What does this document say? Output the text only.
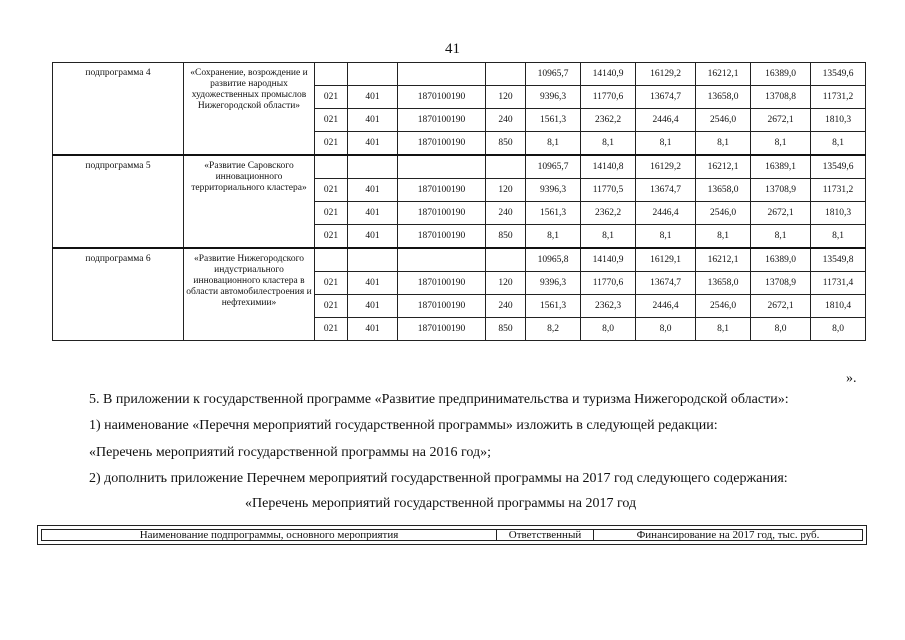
41
подпрограмма 4	«Сохранение, возрождение и развитие народных художественных промыслов Нижегородской области»					10965,7	14140,9	16129,2	16212,1	16389,0	13549,6
		021	401	1870100190	120	9396,3	11770,6	13674,7	13658,0	13708,8	11731,2
		021	401	1870100190	240	1561,3	2362,2	2446,4	2546,0	2672,1	1810,3
		021	401	1870100190	850	8,1	8,1	8,1	8,1	8,1	8,1
подпрограмма 5	«Развитие Саровского инновационного территориального кластера»					10965,7	14140,8	16129,2	16212,1	16389,1	13549,6
		021	401	1870100190	120	9396,3	11770,5	13674,7	13658,0	13708,9	11731,2
		021	401	1870100190	240	1561,3	2362,2	2446,4	2546,0	2672,1	1810,3
		021	401	1870100190	850	8,1	8,1	8,1	8,1	8,1	8,1
подпрограмма 6	«Развитие Нижегородского индустриального инновационного кластера в области автомобилестроения и нефтехимии»					10965,8	14140,9	16129,1	16212,1	16389,0	13549,8
		021	401	1870100190	120	9396,3	11770,6	13674,7	13658,0	13708,9	11731,4
		021	401	1870100190	240	1561,3	2362,3	2446,4	2546,0	2672,1	1810,4
		021	401	1870100190	850	8,2	8,0	8,0	8,1	8,0	8,0
».
5. В приложении к государственной программе «Развитие предпринимательства и туризма Нижегородской области»:
1) наименование «Перечня мероприятий государственной программы» изложить в следующей редакции:
«Перечень мероприятий государственной программы на 2016 год»;
2) дополнить приложение Перечнем мероприятий государственной программы на 2017 год следующего содержания:
«Перечень мероприятий государственной программы на 2017 год
Наименование подпрограммы, основного мероприятия	Ответственный	Финансирование на 2017 год, тыс. руб.
